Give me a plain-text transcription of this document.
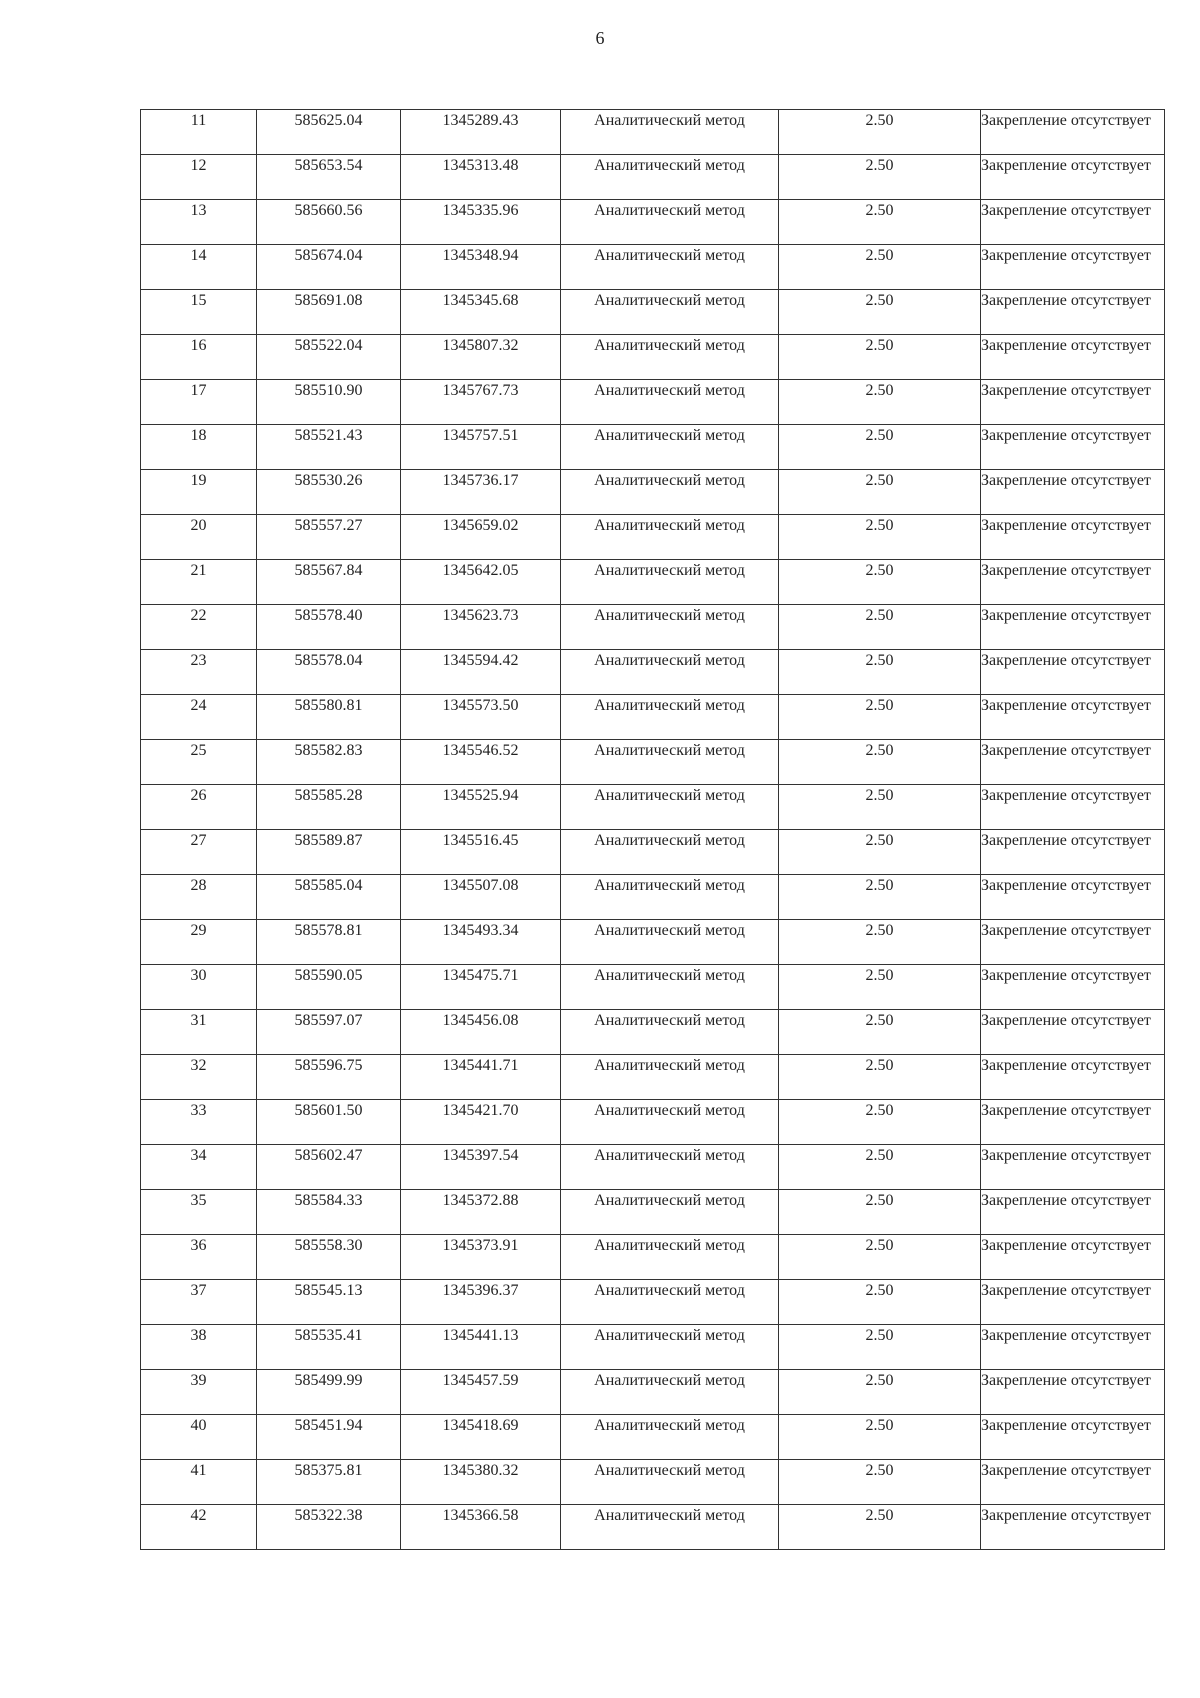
6
11	585625.04	1345289.43	Аналитический метод	2.50	Закрепление отсутствует
12	585653.54	1345313.48	Аналитический метод	2.50	Закрепление отсутствует
13	585660.56	1345335.96	Аналитический метод	2.50	Закрепление отсутствует
14	585674.04	1345348.94	Аналитический метод	2.50	Закрепление отсутствует
15	585691.08	1345345.68	Аналитический метод	2.50	Закрепление отсутствует
16	585522.04	1345807.32	Аналитический метод	2.50	Закрепление отсутствует
17	585510.90	1345767.73	Аналитический метод	2.50	Закрепление отсутствует
18	585521.43	1345757.51	Аналитический метод	2.50	Закрепление отсутствует
19	585530.26	1345736.17	Аналитический метод	2.50	Закрепление отсутствует
20	585557.27	1345659.02	Аналитический метод	2.50	Закрепление отсутствует
21	585567.84	1345642.05	Аналитический метод	2.50	Закрепление отсутствует
22	585578.40	1345623.73	Аналитический метод	2.50	Закрепление отсутствует
23	585578.04	1345594.42	Аналитический метод	2.50	Закрепление отсутствует
24	585580.81	1345573.50	Аналитический метод	2.50	Закрепление отсутствует
25	585582.83	1345546.52	Аналитический метод	2.50	Закрепление отсутствует
26	585585.28	1345525.94	Аналитический метод	2.50	Закрепление отсутствует
27	585589.87	1345516.45	Аналитический метод	2.50	Закрепление отсутствует
28	585585.04	1345507.08	Аналитический метод	2.50	Закрепление отсутствует
29	585578.81	1345493.34	Аналитический метод	2.50	Закрепление отсутствует
30	585590.05	1345475.71	Аналитический метод	2.50	Закрепление отсутствует
31	585597.07	1345456.08	Аналитический метод	2.50	Закрепление отсутствует
32	585596.75	1345441.71	Аналитический метод	2.50	Закрепление отсутствует
33	585601.50	1345421.70	Аналитический метод	2.50	Закрепление отсутствует
34	585602.47	1345397.54	Аналитический метод	2.50	Закрепление отсутствует
35	585584.33	1345372.88	Аналитический метод	2.50	Закрепление отсутствует
36	585558.30	1345373.91	Аналитический метод	2.50	Закрепление отсутствует
37	585545.13	1345396.37	Аналитический метод	2.50	Закрепление отсутствует
38	585535.41	1345441.13	Аналитический метод	2.50	Закрепление отсутствует
39	585499.99	1345457.59	Аналитический метод	2.50	Закрепление отсутствует
40	585451.94	1345418.69	Аналитический метод	2.50	Закрепление отсутствует
41	585375.81	1345380.32	Аналитический метод	2.50	Закрепление отсутствует
42	585322.38	1345366.58	Аналитический метод	2.50	Закрепление отсутствует
